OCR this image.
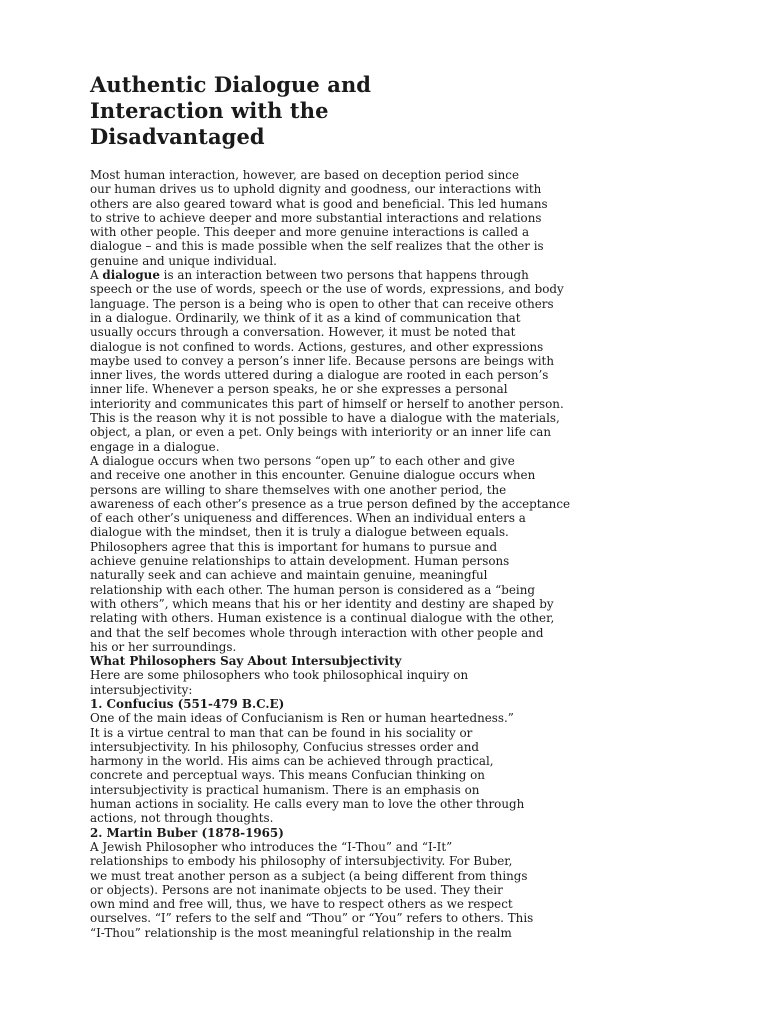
Authentic Dialogue and
Interaction with the
Disadvantaged
Most human interaction, however, are based on deception period since
our human drives us to uphold dignity and goodness, our interactions with
others are also geared toward what is good and beneficial. This led humans
to strive to achieve deeper and more substantial interactions and relations
with other people. This deeper and more genuine interactions is called a
dialogue – and this is made possible when the self realizes that the other is
genuine and unique individual.
A dialogue is an interaction between two persons that happens through
speech or the use of words, speech or the use of words, expressions, and body
language. The person is a being who is open to other that can receive others
in a dialogue. Ordinarily, we think of it as a kind of communication that
usually occurs through a conversation. However, it must be noted that
dialogue is not confined to words. Actions, gestures, and other expressions
maybe used to convey a person’s inner life. Because persons are beings with
inner lives, the words uttered during a dialogue are rooted in each person’s
inner life. Whenever a person speaks, he or she expresses a personal
interiority and communicates this part of himself or herself to another person.
This is the reason why it is not possible to have a dialogue with the materials,
object, a plan, or even a pet. Only beings with interiority or an inner life can
engage in a dialogue.
A dialogue occurs when two persons “open up” to each other and give
and receive one another in this encounter. Genuine dialogue occurs when
persons are willing to share themselves with one another period, the
awareness of each other’s presence as a true person defined by the acceptance
of each other’s uniqueness and differences. When an individual enters a
dialogue with the mindset, then it is truly a dialogue between equals.
Philosophers agree that this is important for humans to pursue and
achieve genuine relationships to attain development. Human persons
naturally seek and can achieve and maintain genuine, meaningful
relationship with each other. The human person is considered as a “being
with others”, which means that his or her identity and destiny are shaped by
relating with others. Human existence is a continual dialogue with the other,
and that the self becomes whole through interaction with other people and
his or her surroundings.
What Philosophers Say About Intersubjectivity
Here are some philosophers who took philosophical inquiry on
intersubjectivity:
1. Confucius (551-479 B.C.E)
One of the main ideas of Confucianism is Ren or human heartedness.”
It is a virtue central to man that can be found in his sociality or
intersubjectivity. In his philosophy, Confucius stresses order and
harmony in the world. His aims can be achieved through practical,
concrete and perceptual ways. This means Confucian thinking on
intersubjectivity is practical humanism. There is an emphasis on
human actions in sociality. He calls every man to love the other through
actions, not through thoughts.
2. Martin Buber (1878-1965)
A Jewish Philosopher who introduces the “I-Thou” and “I-It”
relationships to embody his philosophy of intersubjectivity. For Buber,
we must treat another person as a subject (a being different from things
or objects). Persons are not inanimate objects to be used. They their
own mind and free will, thus, we have to respect others as we respect
ourselves. “I” refers to the self and “Thou” or “You” refers to others. This
“I-Thou” relationship is the most meaningful relationship in the realm
